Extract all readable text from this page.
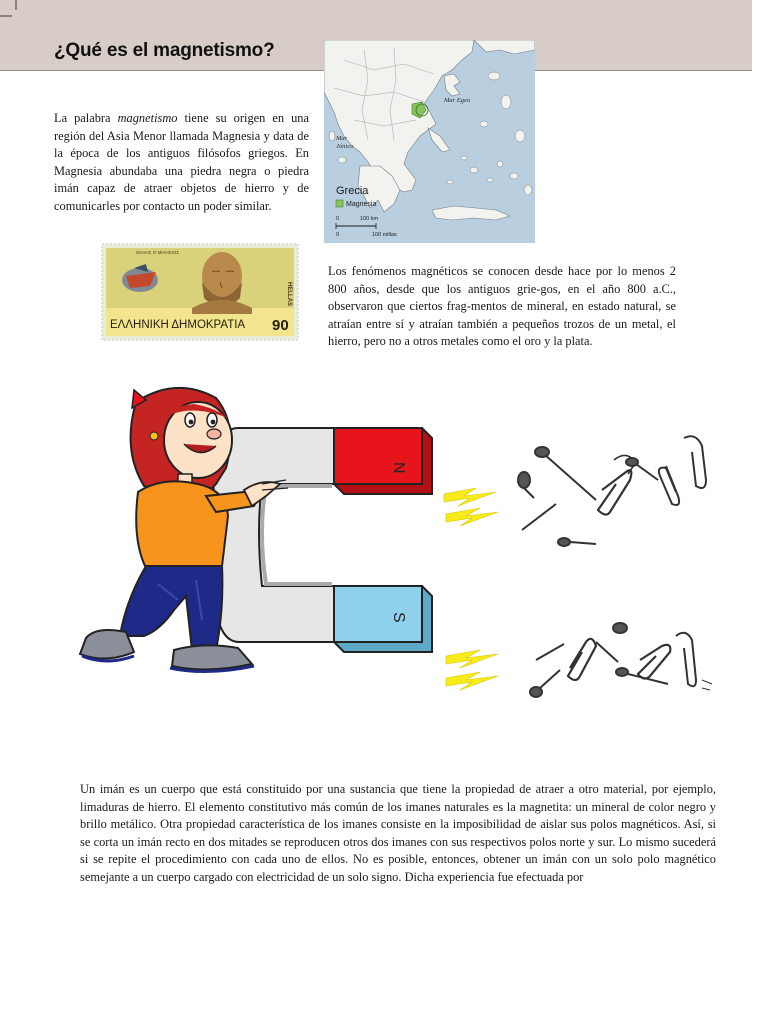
¿Qué es el magnetismo?
Mar Egeo
Mar
Jónico
Grecia
Magnesia
0	100 km
0	100 millas

La palabra magnetismo tiene su origen en una región del Asia Menor llamada Magnesia y data de la época de los antiguos filósofos griegos. En Magnesia abundaba una piedra negra o piedra imán capaz de atraer objetos de hierro y de comunicarles por contacto un poder similar.

ΘΑΛΗΣ Ο ΜΙΛΗΣΙΟΣ
HELLAS
ΕΛΛΗΝΙΚΗ ΔΗΜΟΚΡΑΤΙΑ 90

Los fenómenos magnéticos se conocen desde hace por lo menos 2 800 años, desde que los antiguos grie-gos, en el año 800 a.C., observaron que ciertos frag-mentos de mineral, en estado natural, se atraían entre sí y atraían también a pequeños trozos de un metal, el hierro, pero no a otros metales como el oro y la plata.

N
S

Un imán es un cuerpo que está constituido por una sustancia que tiene la propiedad de atraer a otro material, por ejemplo, limaduras de hierro. El elemento constitutivo más común de los imanes naturales es la magnetita: un mineral de color negro y brillo metálico. Otra propiedad característica de los imanes consiste en la imposibilidad de aislar sus polos magnéticos. Así, si se corta un imán recto en dos mitades se reproducen otros dos imanes con sus respectivos polos norte y sur. Lo mismo sucederá si se repite el procedimiento con cada uno de ellos. No es posible, entonces, obtener un imán con un solo polo magnético semejante a un cuerpo cargado con electricidad de un solo signo. Dicha experiencia fue efectuada por
